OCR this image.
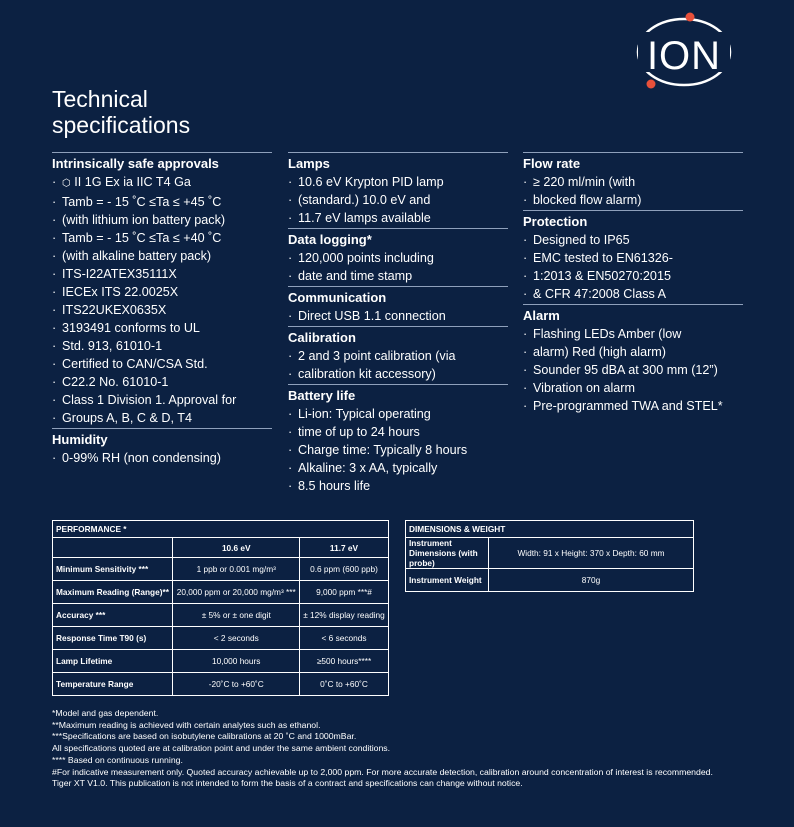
ION
Technical
specifications
Intrinsically safe approvals
· ⬡ II 1G Ex ia IIC T4 Ga
· Tamb = - 15 ˚C ≤Ta ≤ +45 ˚C
· (with lithium ion battery pack)
· Tamb = - 15 ˚C ≤Ta ≤ +40 ˚C
· (with alkaline battery pack)
· ITS-I22ATEX35111X
· IECEx ITS 22.0025X
· ITS22UKEX0635X
· 3193491 conforms to UL
· Std. 913, 61010-1
· Certified to CAN/CSA Std.
· C22.2 No. 61010-1
· Class 1 Division 1. Approval for
· Groups A, B, C & D, T4
Humidity
· 0-99% RH (non condensing)
Lamps
· 10.6 eV Krypton PID lamp
· (standard.) 10.0 eV and
· 11.7 eV lamps available
Data logging*
· 120,000 points including
· date and time stamp
Communication
· Direct USB 1.1 connection
Calibration
· 2 and 3 point calibration (via
· calibration kit accessory)
Battery life
· Li-ion: Typical operating
· time of up to 24 hours
· Charge time: Typically 8 hours
· Alkaline: 3 x AA, typically
· 8.5 hours life
Flow rate
· ≥ 220 ml/min (with
· blocked flow alarm)
Protection
· Designed to IP65
· EMC tested to EN61326-
· 1:2013 & EN50270:2015
· & CFR 47:2008 Class A
Alarm
· Flashing LEDs Amber (low
· alarm) Red (high alarm)
· Sounder 95 dBA at 300 mm (12”)
· Vibration on alarm
· Pre-programmed TWA and STEL*
PERFORMANCE *		
	10.6 eV	11.7 eV
Minimum Sensitivity ***	1 ppb or 0.001 mg/m³	0.6 ppm (600 ppb)
Maximum Reading (Range)**	20,000 ppm or 20,000 mg/m³ ***	9,000 ppm ***#
Accuracy ***	± 5% or ± one digit	± 12% display reading
Response Time T90 (s)	< 2 seconds	< 6 seconds
Lamp Lifetime	10,000 hours	≥500 hours****
Temperature Range	-20˚C to +60˚C	0˚C to +60˚C
DIMENSIONS & WEIGHT	
Instrument Dimensions (with probe)	Width: 91 x Height: 370 x Depth: 60 mm
Instrument Weight	870g
*Model and gas dependent.
**Maximum reading is achieved with certain analytes such as ethanol.
***Specifications are based on isobutylene calibrations at 20 ˚C and 1000mBar.
All specifications quoted are at calibration point and under the same ambient conditions.
**** Based on continuous running.
#For indicative measurement only. Quoted accuracy achievable up to 2,000 ppm. For more accurate detection, calibration around concentration of interest is recommended.
Tiger XT V1.0. This publication is not intended to form the basis of a contract and specifications can change without notice.
